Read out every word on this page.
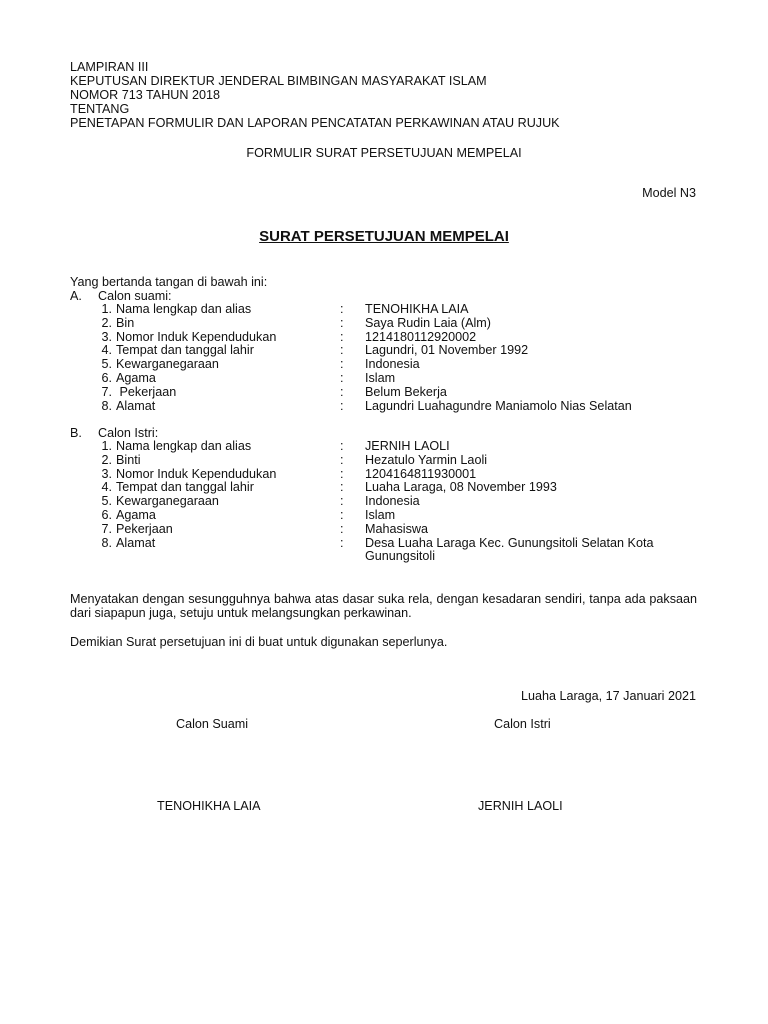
LAMPIRAN III
KEPUTUSAN DIREKTUR JENDERAL BIMBINGAN MASYARAKAT ISLAM
NOMOR 713 TAHUN 2018
TENTANG
PENETAPAN FORMULIR DAN LAPORAN PENCATATAN PERKAWINAN ATAU RUJUK
FORMULIR SURAT PERSETUJUAN MEMPELAI
Model N3
SURAT PERSETUJUAN MEMPELAI
Yang bertanda tangan di bawah ini:
A. Calon suami:
1. Nama lengkap dan alias	: TENOHIKHA LAIA
2. Bin	: Saya Rudin Laia (Alm)
3. Nomor Induk Kependudukan	: 1214180112920002
4. Tempat dan tanggal lahir	: Lagundri, 01 November 1992
5. Kewarganegaraan	: Indonesia
6. Agama	: Islam
7. Pekerjaan	: Belum Bekerja
8. Alamat	: Lagundri Luahagundre Maniamolo Nias Selatan
B. Calon Istri:
1. Nama lengkap dan alias	: JERNIH LAOLI
2. Binti	: Hezatulo Yarmin Laoli
3. Nomor Induk Kependudukan	: 1204164811930001
4. Tempat dan tanggal lahir	: Luaha Laraga, 08 November 1993
5. Kewarganegaraan	: Indonesia
6. Agama	: Islam
7. Pekerjaan	: Mahasiswa
8. Alamat	: Desa Luaha Laraga Kec. Gunungsitoli Selatan Kota Gunungsitoli
Menyatakan dengan sesungguhnya bahwa atas dasar suka rela, dengan kesadaran sendiri, tanpa ada paksaan dari siapapun juga, setuju untuk melangsungkan perkawinan.
Demikian Surat persetujuan ini di buat untuk digunakan seperlunya.
Luaha Laraga, 17 Januari 2021
Calon Suami	Calon Istri
TENOHIKHA LAIA	JERNIH LAOLI
